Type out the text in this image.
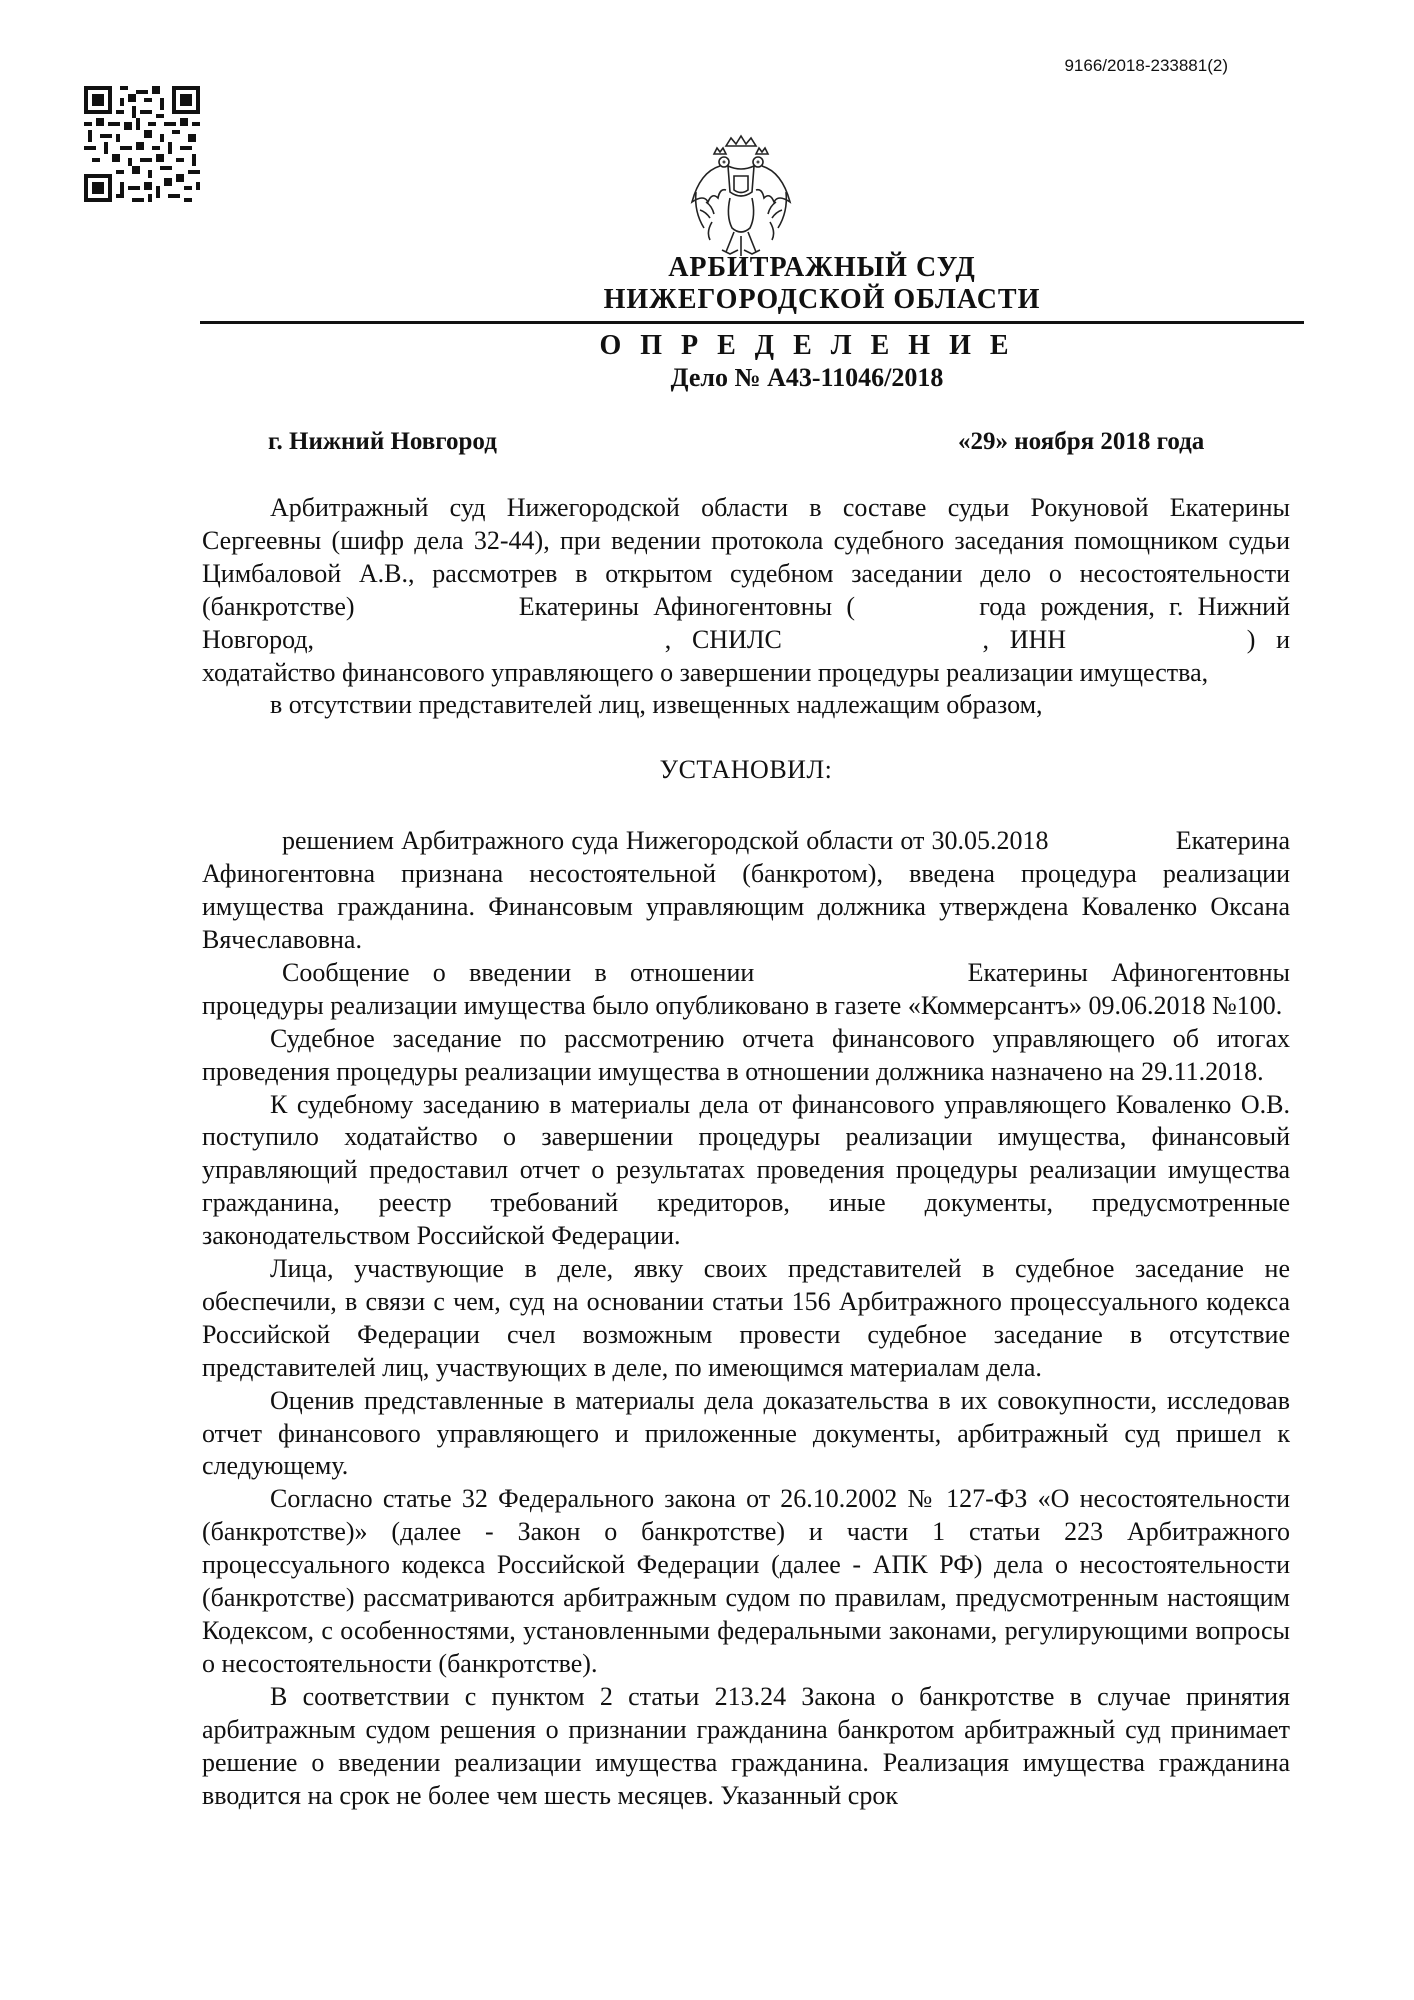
9166/2018-233881(2)
АРБИТРАЖНЫЙ СУД
НИЖЕГОРОДСКОЙ ОБЛАСТИ
О П Р Е Д Е Л Е Н И Е
Дело № А43-11046/2018
г. Нижний Новгород	«29» ноября 2018 года

Арбитражный суд Нижегородской области в составе судьи Рокуновой Екатерины Сергеевны (шифр дела 32-44), при ведении протокола судебного заседания помощником судьи Цимбаловой А.В., рассмотрев в открытом судебном заседании дело о несостоятельности (банкротстве)	Екатерины Афиногентовны (	года рождения, г. Нижний Новгород,	, СНИЛС	, ИНН	) и ходатайство финансового управляющего о завершении процедуры реализации имущества,

в отсутствии представителей лиц, извещенных надлежащим образом,

УСТАНОВИЛ:

решением Арбитражного суда Нижегородской области от 30.05.2018	Екатерина Афиногентовна признана несостоятельной (банкротом), введена процедура реализации имущества гражданина. Финансовым управляющим должника утверждена Коваленко Оксана Вячеславовна.

Сообщение о введении в отношении	Екатерины Афиногентовны процедуры реализации имущества было опубликовано в газете «Коммерсантъ» 09.06.2018 №100.

Судебное заседание по рассмотрению отчета финансового управляющего об итогах проведения процедуры реализации имущества в отношении должника назначено на 29.11.2018.

К судебному заседанию в материалы дела от финансового управляющего Коваленко О.В. поступило ходатайство о завершении процедуры реализации имущества, финансовый управляющий предоставил отчет о результатах проведения процедуры реализации имущества гражданина, реестр требований кредиторов, иные документы, предусмотренные законодательством Российской Федерации.

Лица, участвующие в деле, явку своих представителей в судебное заседание не обеспечили, в связи с чем, суд на основании статьи 156 Арбитражного процессуального кодекса Российской Федерации счел возможным провести судебное заседание в отсутствие представителей лиц, участвующих в деле, по имеющимся материалам дела.

Оценив представленные в материалы дела доказательства в их совокупности, исследовав отчет финансового управляющего и приложенные документы, арбитражный суд пришел к следующему.

Согласно статье 32 Федерального закона от 26.10.2002 № 127-ФЗ «О несостоятельности (банкротстве)» (далее - Закон о банкротстве) и части 1 статьи 223 Арбитражного процессуального кодекса Российской Федерации (далее - АПК РФ) дела о несостоятельности (банкротстве) рассматриваются арбитражным судом по правилам, предусмотренным настоящим Кодексом, с особенностями, установленными федеральными законами, регулирующими вопросы о несостоятельности (банкротстве).

В соответствии с пунктом 2 статьи 213.24 Закона о банкротстве в случае принятия арбитражным судом решения о признании гражданина банкротом арбитражный суд принимает решение о введении реализации имущества гражданина. Реализация имущества гражданина вводится на срок не более чем шесть месяцев. Указанный срок
